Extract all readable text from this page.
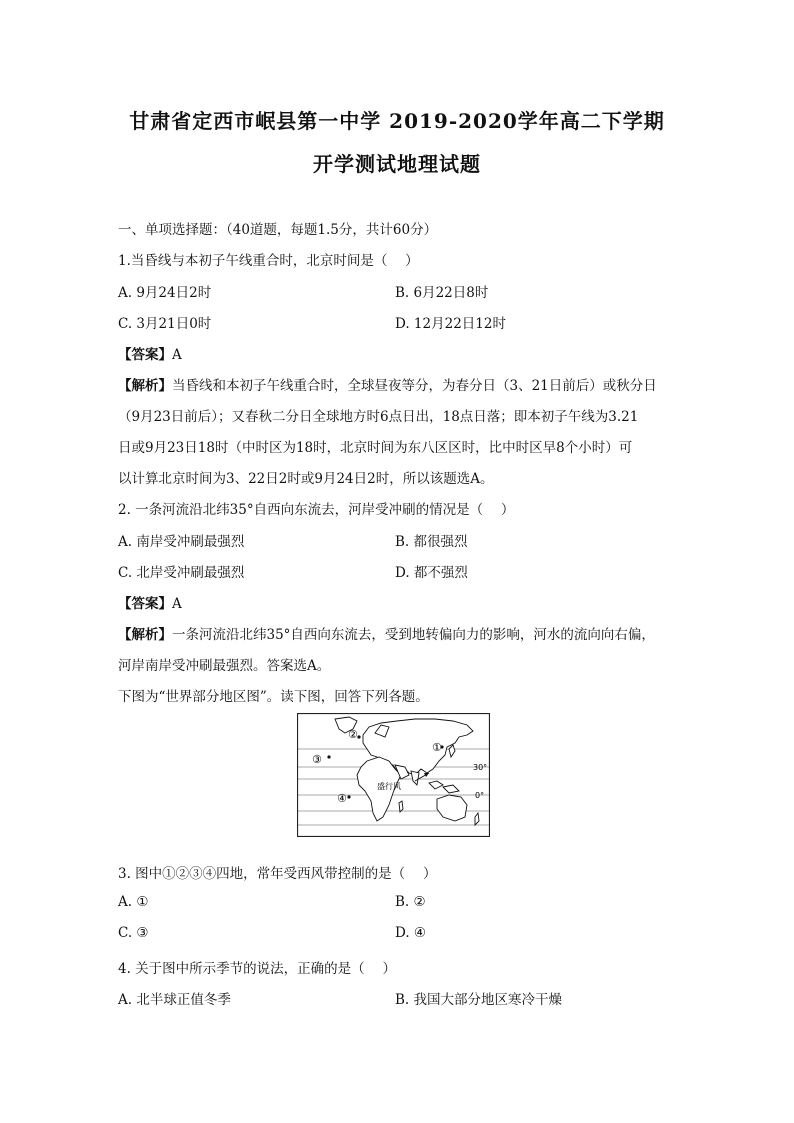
甘肃省定西市岷县第一中学 2019-2020学年高二下学期
开学测试地理试题
一、单项选择题：（40道题，每题1.5分，共计60分）
1.当昏线与本初子午线重合时，北京时间是（　 ）
A. 9月24日2时	B. 6月22日8时
C. 3月21日0时	D. 12月22日12时
【答案】A
【解析】当昏线和本初子午线重合时，全球昼夜等分，为春分日（3、21日前后）或秋分日
（9月23日前后）；又春秋二分日全球地方时6点日出，18点日落；即本初子午线为3.21
日或9月23日18时（中时区为18时，北京时间为东八区区时，比中时区早8个小时）可
以计算北京时间为3、22日2时或9月24日2时，所以该题选A。
2. 一条河流沿北纬35°自西向东流去，河岸受冲刷的情况是（　 ）
A. 南岸受冲刷最强烈	B. 都很强烈
C. 北岸受冲刷最强烈	D. 都不强烈
【答案】A
【解析】一条河流沿北纬35°自西向东流去，受到地转偏向力的影响，河水的流向向右偏，
河岸南岸受冲刷最强烈。答案选A。
下图为“世界部分地区图”。读下图，回答下列各题。
①
②
③
④
30°
0°
盛行风
3. 图中①②③④四地，常年受西风带控制的是（　 ）
A. ①	B. ②
C. ③	D. ④
4. 关于图中所示季节的说法，正确的是（　 ）
A. 北半球正值冬季	B. 我国大部分地区寒冷干燥
